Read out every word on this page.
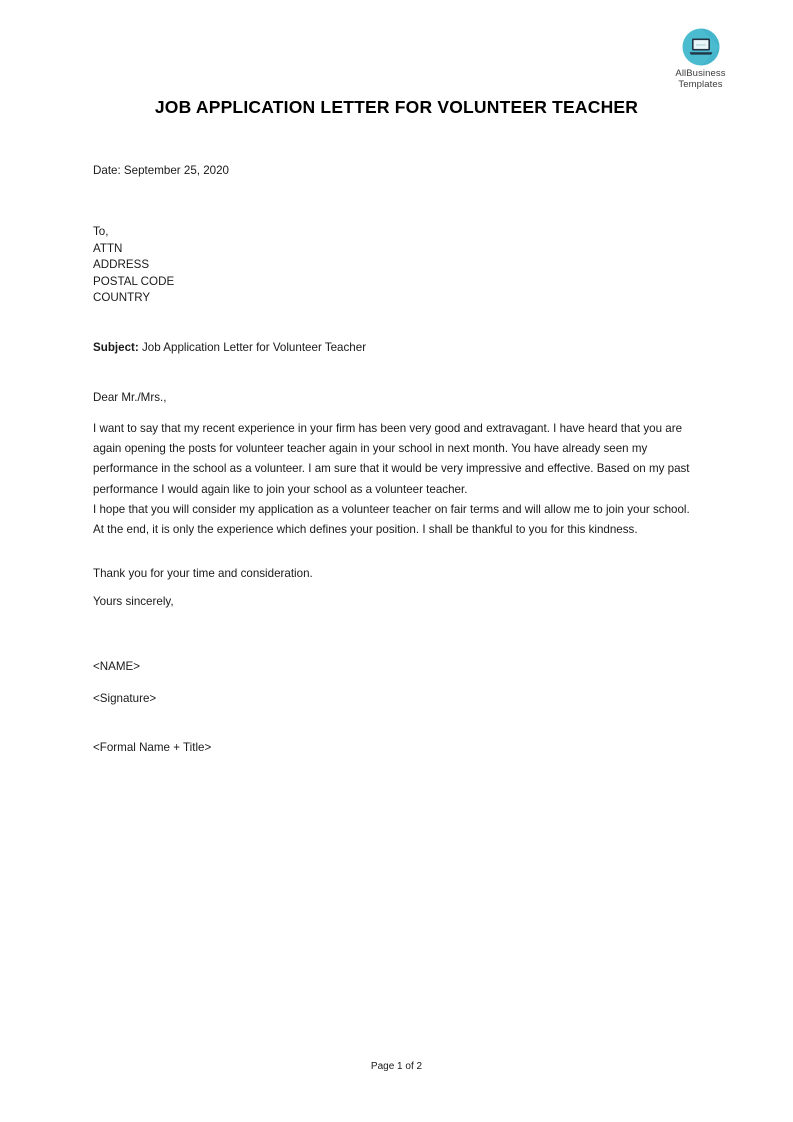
AllBusiness
Templates
JOB APPLICATION LETTER FOR VOLUNTEER TEACHER
Date: September 25, 2020
To,
ATTN
ADDRESS
POSTAL CODE
COUNTRY
Subject: Job Application Letter for Volunteer Teacher
Dear Mr./Mrs.,
I want to say that my recent experience in your firm has been very good and extravagant. I have heard that you are again opening the posts for volunteer teacher again in your school in next month. You have already seen my performance in the school as a volunteer. I am sure that it would be very impressive and effective. Based on my past performance I would again like to join your school as a volunteer teacher.
I hope that you will consider my application as a volunteer teacher on fair terms and will allow me to join your school. At the end, it is only the experience which defines your position. I shall be thankful to you for this kindness.
Thank you for your time and consideration.
Yours sincerely,
<NAME>
<Signature>
<Formal Name + Title>
Page 1 of 2
